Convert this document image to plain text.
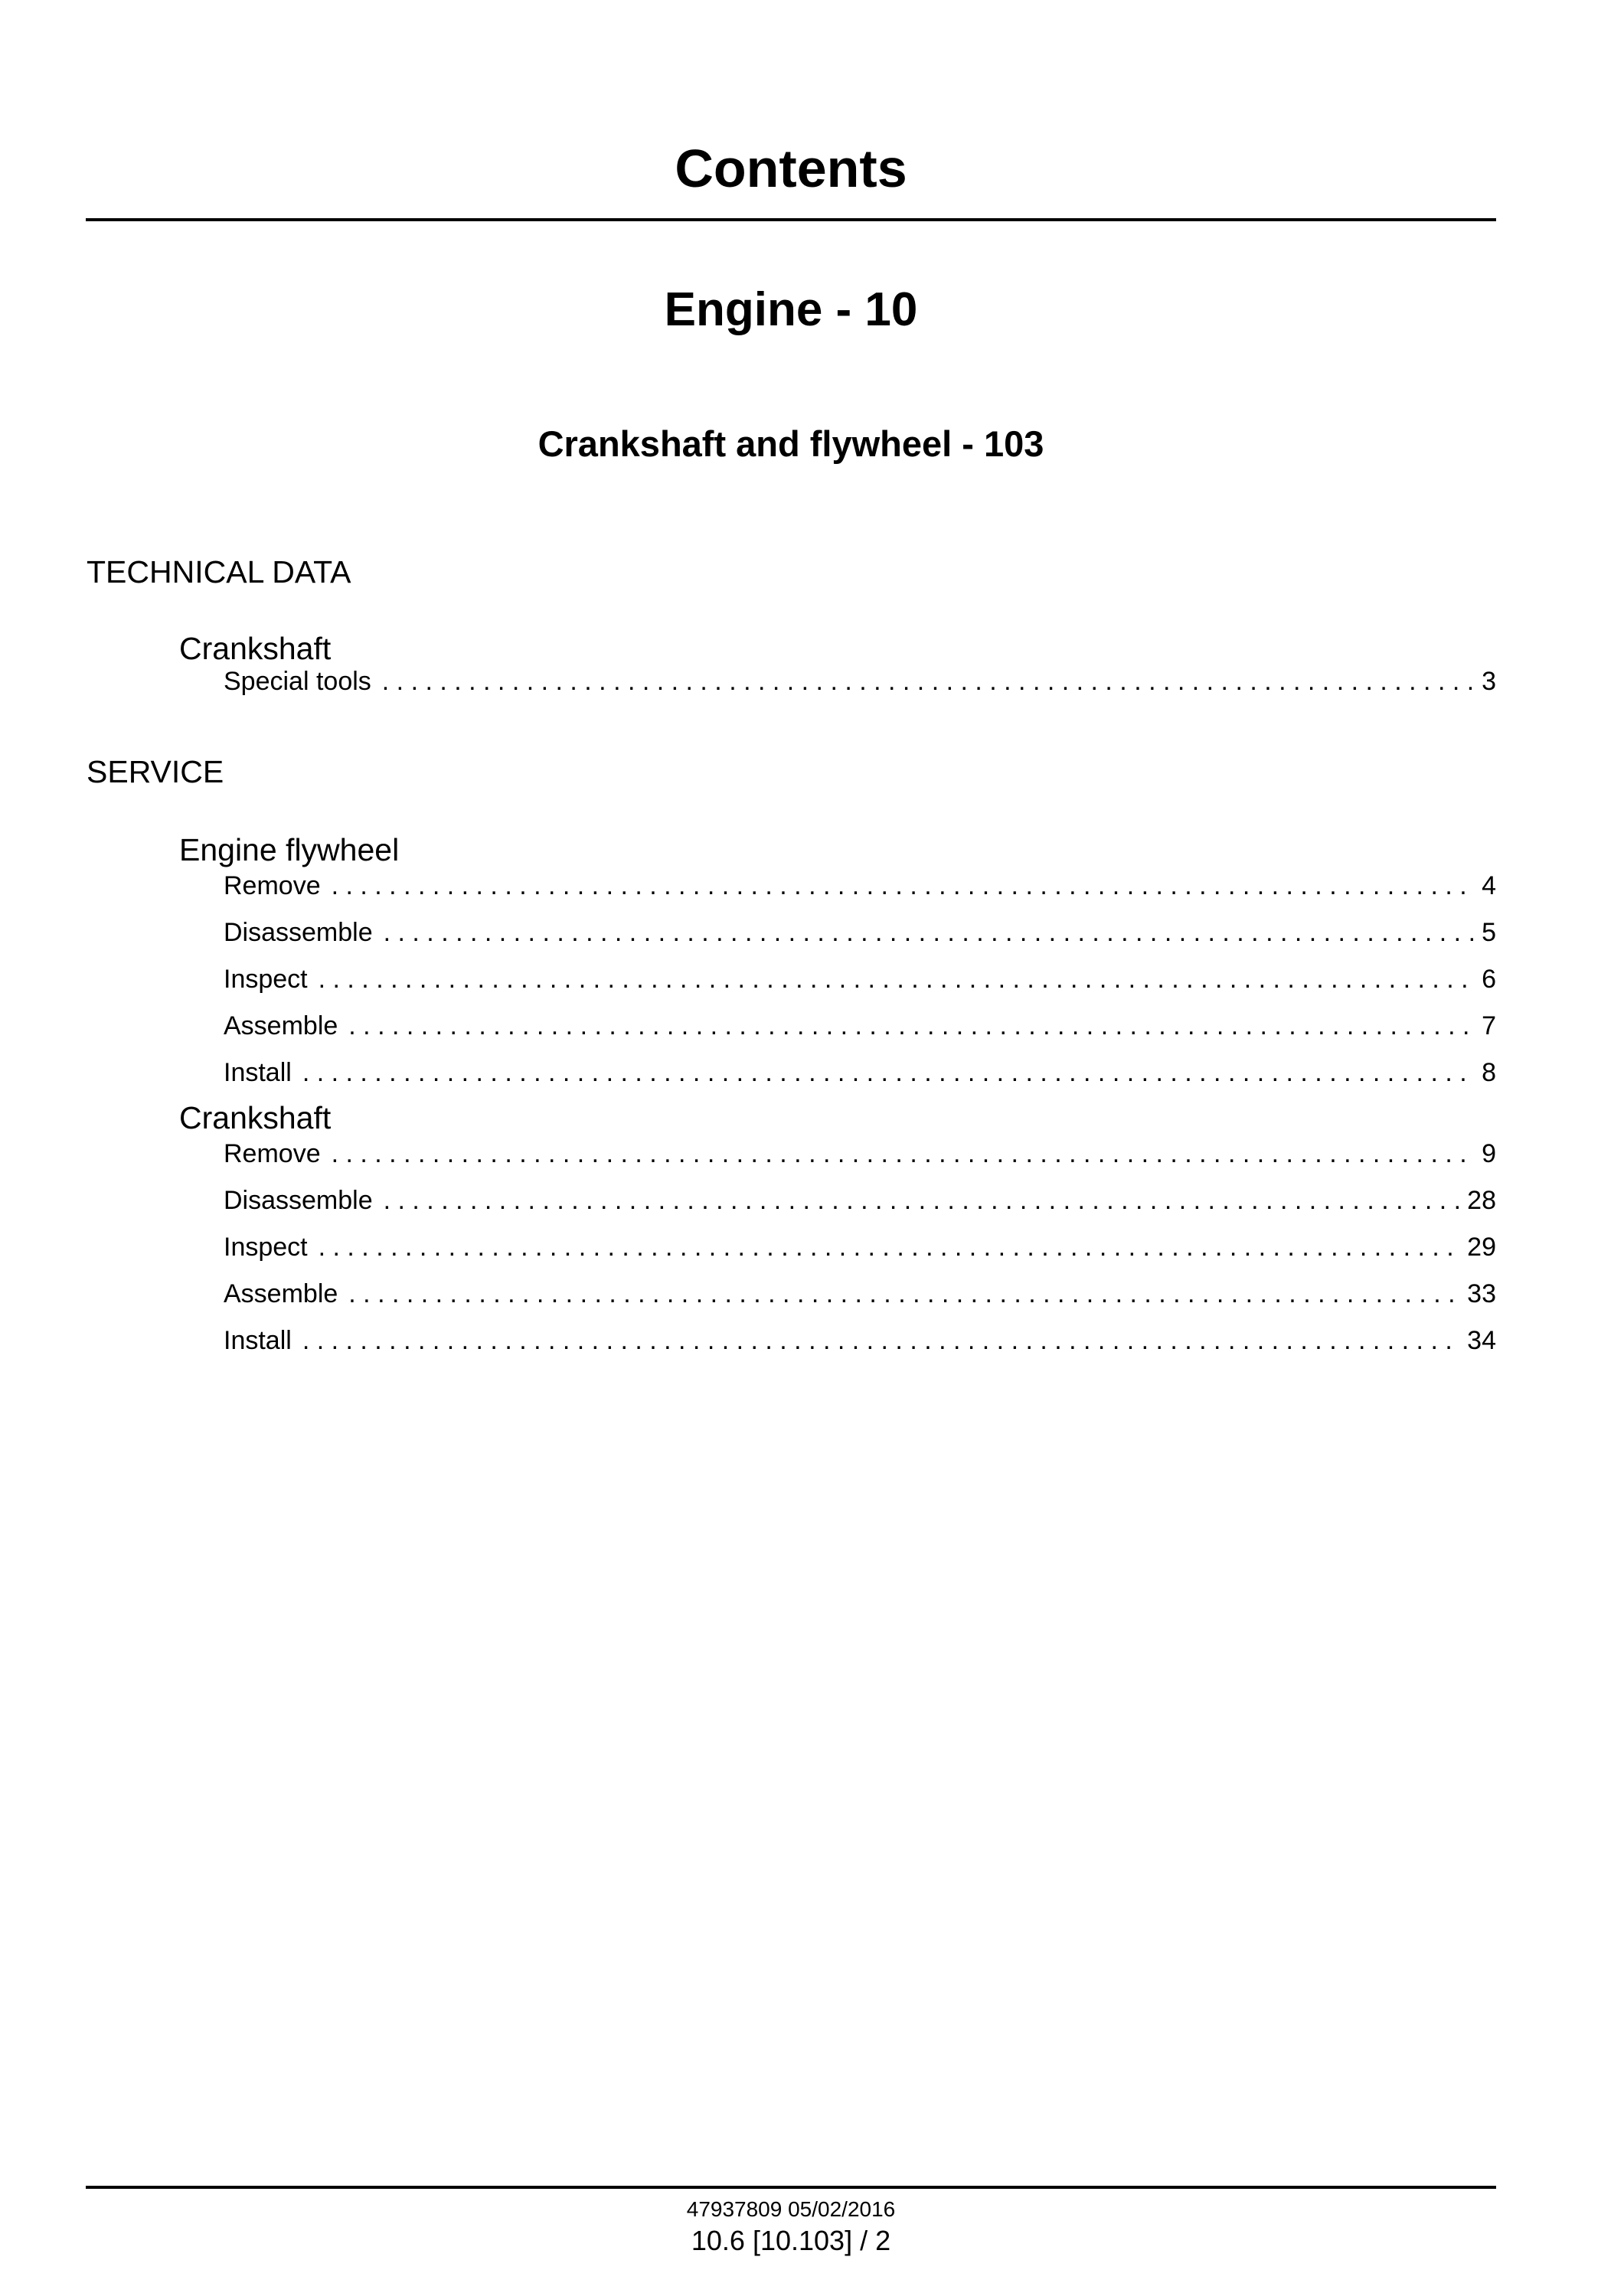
Contents
Engine - 10
Crankshaft and flywheel - 103
TECHNICAL DATA
Crankshaft
Special tools . . .	3
SERVICE
Engine flywheel
Remove . . .	4
Disassemble . . .	5
Inspect . . .	6
Assemble . . .	7
Install . . .	8
Crankshaft
Remove . . .	9
Disassemble . . .	28
Inspect . . .	29
Assemble . . .	33
Install . . .	34
47937809 05/02/2016
10.6 [10.103] / 2
